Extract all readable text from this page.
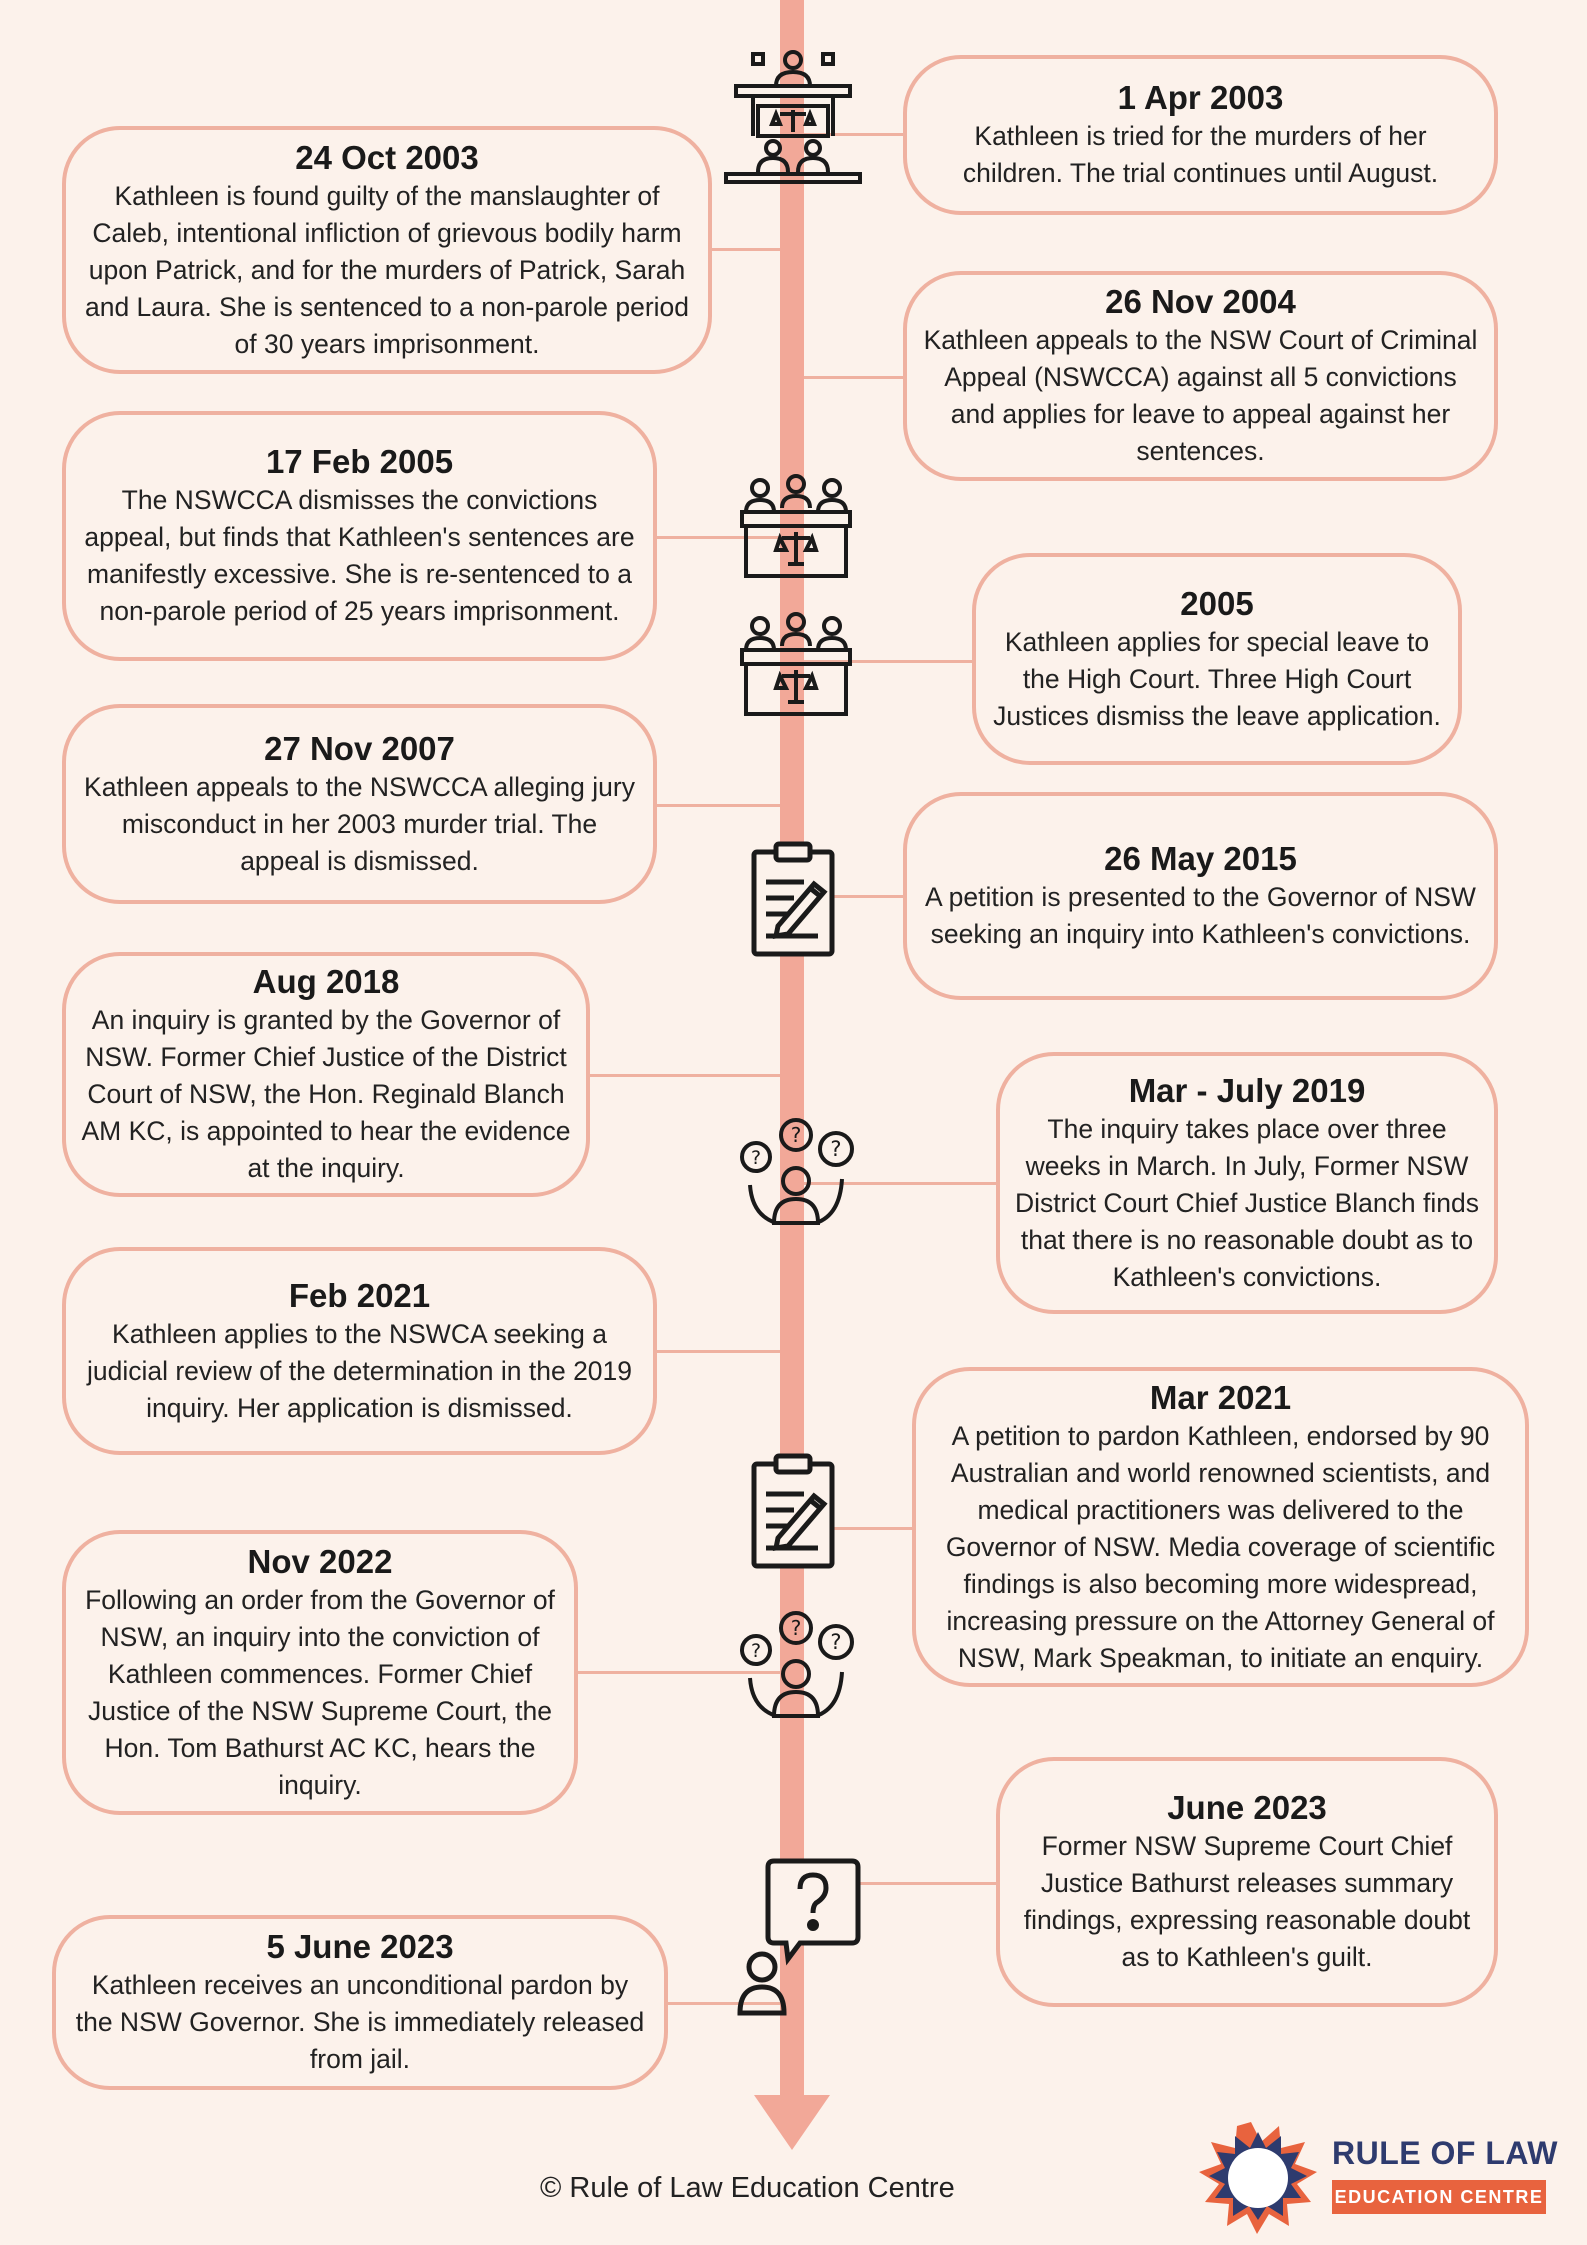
1 Apr 2003
Kathleen is tried for the murders of her children. The trial continues until August.
24 Oct 2003
Kathleen is found guilty of the manslaughter of Caleb, intentional infliction of grievous bodily harm upon Patrick, and for the murders of Patrick, Sarah and Laura. She is sentenced to a non-parole period of 30 years imprisonment.
26 Nov 2004
Kathleen appeals to the NSW Court of Criminal Appeal (NSWCCA) against all 5 convictions and applies for leave to appeal against her sentences.
17 Feb 2005
The NSWCCA dismisses the convictions appeal, but finds that Kathleen's sentences are manifestly excessive. She is re-sentenced to a non-parole period of 25 years imprisonment.	2005
Kathleen applies for special leave to the High Court. Three High Court Justices dismiss the leave application.
27 Nov 2007
Kathleen appeals to the NSWCCA alleging jury misconduct in her 2003 murder trial. The appeal is dismissed.	26 May 2015
A petition is presented to the Governor of NSW seeking an inquiry into Kathleen's convictions.
Aug 2018
An inquiry is granted by the Governor of NSW. Former Chief Justice of the District Court of NSW, the Hon. Reginald Blanch AM KC, is appointed to hear the evidence at the inquiry.
Mar - July 2019
The inquiry takes place over three weeks in March. In July, Former NSW District Court Chief Justice Blanch finds that there is no reasonable doubt as to Kathleen's convictions.
Feb 2021
Kathleen applies to the NSWCA seeking a judicial review of the determination in the 2019 inquiry. Her application is dismissed.	Mar 2021
A petition to pardon Kathleen, endorsed by 90 Australian and world renowned scientists, and medical practitioners was delivered to the Governor of NSW. Media coverage of scientific findings is also becoming more widespread, increasing pressure on the Attorney General of NSW, Mark Speakman, to initiate an enquiry.
Nov 2022
Following an order from the Governor of NSW, an inquiry into the conviction of Kathleen commences. Former Chief Justice of the NSW Supreme Court, the Hon. Tom Bathurst AC KC, hears the inquiry.
June 2023
Former NSW Supreme Court Chief Justice Bathurst releases summary findings, expressing reasonable doubt as to Kathleen's guilt.
5 June 2023
Kathleen receives an unconditional pardon by the NSW Governor. She is immediately released from jail.
?
?	?
?
?	?
© Rule of Law Education Centre
RULE OF LAW
EDUCATION CENTRE
